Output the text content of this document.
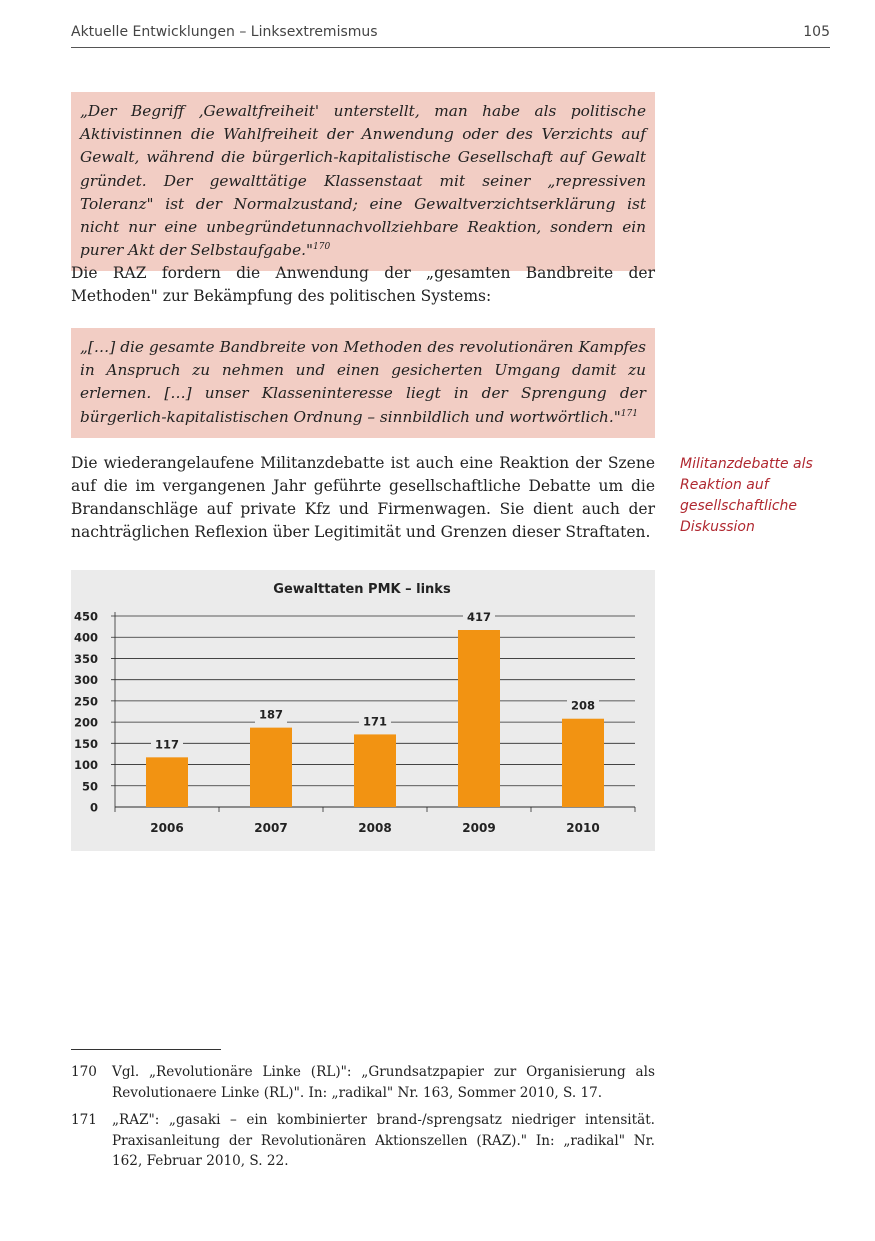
Aktuelle Entwicklungen – Linksextremismus	105
„Der Begriff ‚Gewaltfreiheit' unterstellt, man habe als politische Aktivistinnen die Wahlfreiheit der Anwendung oder des Verzichts auf Gewalt, während die bürgerlich-kapitalistische Gesellschaft auf Gewalt gründet. Der gewalttätige Klassenstaat mit seiner „repressiven Toleranz" ist der Normalzustand; eine Gewaltverzichtserklärung ist nicht nur eine unbegründetunnachvollziehbare Reaktion, sondern ein purer Akt der Selbstaufgabe."$^{170}$
Die RAZ fordern die Anwendung der „gesamten Bandbreite der Methoden" zur Bekämpfung des politischen Systems:
„[…] die gesamte Bandbreite von Methoden des revolutionären Kampfes in Anspruch zu nehmen und einen gesicherten Umgang damit zu erlernen. […] unser Klasseninteresse liegt in der Sprengung der bürgerlich-kapitalistischen Ordnung – sinnbildlich und wortwörtlich."$^{171}$
Die wiederangelaufene Militanzdebatte ist auch eine Reaktion der Szene auf die im vergangenen Jahr geführte gesellschaftliche Debatte um die Brandanschläge auf private Kfz und Firmenwagen. Sie dient auch der nachträglichen Reflexion über Legitimität und Grenzen dieser Straftaten.
Militanzdebatte als Reaktion auf gesellschaftliche Diskussion
Gewalttaten PMK – links
0
50
100
150
200
250
300
350
400
450
117
2006
187
2007
171
2008
417
2009
208
2010
170 Vgl. „Revolutionäre Linke (RL)": „Grundsatzpapier zur Organisierung als Revolutionaere Linke (RL)". In: „radikal" Nr. 163, Sommer 2010, S. 17.
171 „RAZ": „gasaki – ein kombinierter brand-/sprengsatz niedriger intensität. Praxisanleitung der Revolutionären Aktionszellen (RAZ)." In: „radikal" Nr. 162, Februar 2010, S. 22.
